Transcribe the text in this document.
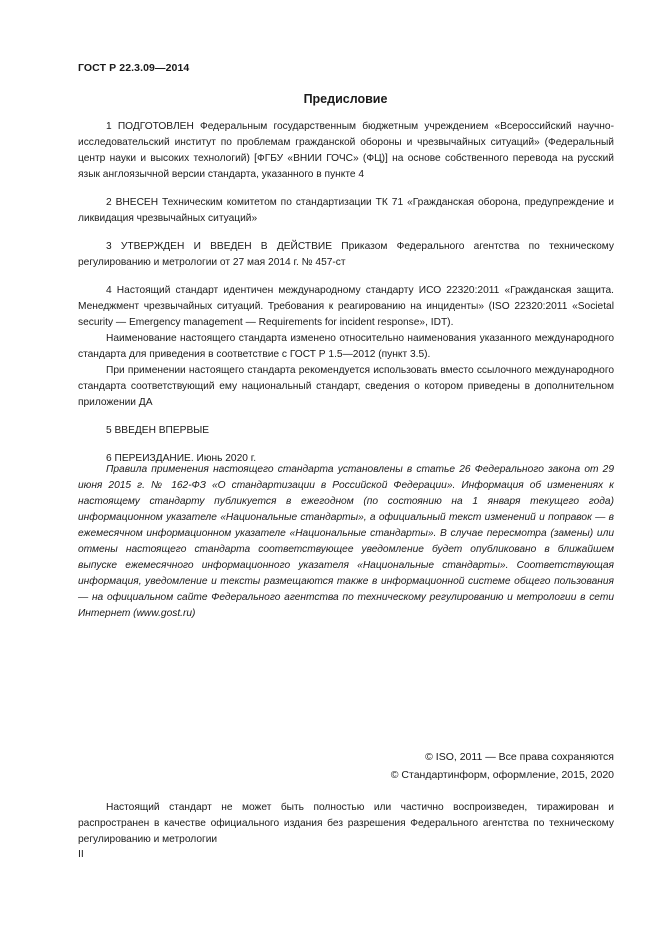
ГОСТ Р 22.3.09—2014
Предисловие

1 ПОДГОТОВЛЕН Федеральным государственным бюджетным учреждением «Всероссийский научно-исследовательский институт по проблемам гражданской обороны и чрезвычайных ситуаций» (Федеральный центр науки и высоких технологий) [ФГБУ «ВНИИ ГОЧС» (ФЦ)] на основе собственного перевода на русский язык англоязычной версии стандарта, указанного в пункте 4

2 ВНЕСЕН Техническим комитетом по стандартизации ТК 71 «Гражданская оборона, предупреждение и ликвидация чрезвычайных ситуаций»

3 УТВЕРЖДЕН И ВВЕДЕН В ДЕЙСТВИЕ Приказом Федерального агентства по техническому регулированию и метрологии от 27 мая 2014 г. № 457-ст

4 Настоящий стандарт идентичен международному стандарту ИСО 22320:2011 «Гражданская защита. Менеджмент чрезвычайных ситуаций. Требования к реагированию на инциденты» (ISO 22320:2011 «Societal security — Emergency management — Requirements for incident response», IDT).

Наименование настоящего стандарта изменено относительно наименования указанного международного стандарта для приведения в соответствие с ГОСТ Р 1.5—2012 (пункт 3.5).

При применении настоящего стандарта рекомендуется использовать вместо ссылочного международного стандарта соответствующий ему национальный стандарт, сведения о котором приведены в дополнительном приложении ДА

5 ВВЕДЕН ВПЕРВЫЕ

6 ПЕРЕИЗДАНИЕ. Июнь 2020 г.

Правила применения настоящего стандарта установлены в статье 26 Федерального закона от 29 июня 2015 г. № 162-ФЗ «О стандартизации в Российской Федерации». Информация об изменениях к настоящему стандарту публикуется в ежегодном (по состоянию на 1 января текущего года) информационном указателе «Национальные стандарты», а официальный текст изменений и поправок — в ежемесячном информационном указателе «Национальные стандарты». В случае пересмотра (замены) или отмены настоящего стандарта соответствующее уведомление будет опубликовано в ближайшем выпуске ежемесячного информационного указателя «Национальные стандарты». Соответствующая информация, уведомление и тексты размещаются также в информационной системе общего пользования — на официальном сайте Федерального агентства по техническому регулированию и метрологии в сети Интернет (www.gost.ru)
© ISO, 2011 — Все права сохраняются
© Стандартинформ, оформление, 2015, 2020
Настоящий стандарт не может быть полностью или частично воспроизведен, тиражирован и распространен в качестве официального издания без разрешения Федерального агентства по техническому регулированию и метрологии
II
